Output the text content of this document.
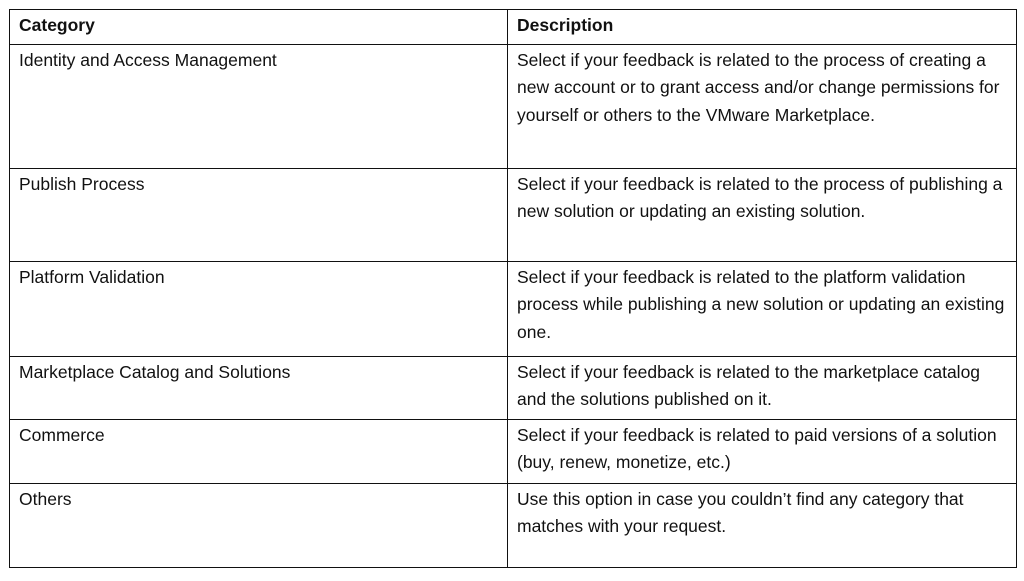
Category	Description
Identity and Access Management	Select if your feedback is related to the process of creating a new account or to grant access and/or change permissions for yourself or others to the VMware Marketplace.
Publish Process	Select if your feedback is related to the process of publishing a new solution or updating an existing solution.
Platform Validation	Select if your feedback is related to the platform validation process while publishing a new solution or updating an existing one.
Marketplace Catalog and Solutions	Select if your feedback is related to the marketplace catalog and the solutions published on it.
Commerce	Select if your feedback is related to paid versions of a solution (buy, renew, monetize, etc.)
Others	Use this option in case you couldn’t find any category that matches with your request.
